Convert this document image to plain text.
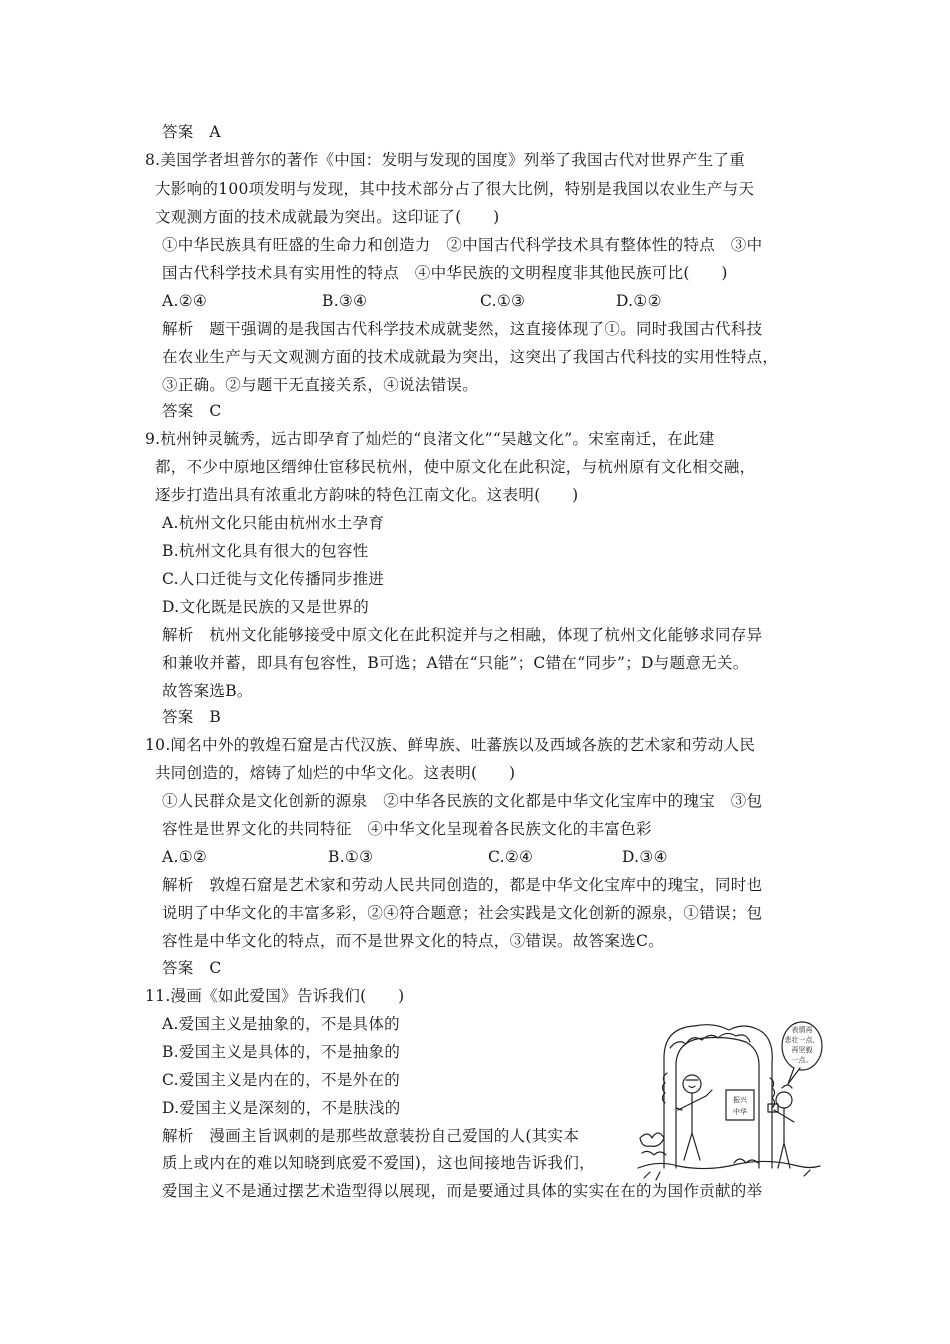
答案　A
8.美国学者坦普尔的著作《中国：发明与发现的国度》列举了我国古代对世界产生了重
大影响的100项发明与发现，其中技术部分占了很大比例，特别是我国以农业生产与天
文观测方面的技术成就最为突出。这印证了(　　)
①中华民族具有旺盛的生命力和创造力　②中国古代科学技术具有整体性的特点　③中
国古代科学技术具有实用性的特点　④中华民族的文明程度非其他民族可比(　　)
A.②④	B.③④	C.①③	D.①②
解析　题干强调的是我国古代科学技术成就斐然，这直接体现了①。同时我国古代科技
在农业生产与天文观测方面的技术成就最为突出，这突出了我国古代科技的实用性特点，
③正确。②与题干无直接关系，④说法错误。
答案　C
9.杭州钟灵毓秀，远古即孕育了灿烂的“良渚文化”“吴越文化”。宋室南迁，在此建
都，不少中原地区缙绅仕宦移民杭州，使中原文化在此积淀，与杭州原有文化相交融，
逐步打造出具有浓重北方韵味的特色江南文化。这表明(　　)
A.杭州文化只能由杭州水土孕育
B.杭州文化具有很大的包容性
C.人口迁徙与文化传播同步推进
D.文化既是民族的又是世界的
解析　杭州文化能够接受中原文化在此积淀并与之相融，体现了杭州文化能够求同存异
和兼收并蓄，即具有包容性，B可选；A错在“只能”；C错在“同步”；D与题意无关。
故答案选B。
答案　B
10.闻名中外的敦煌石窟是古代汉族、鲜卑族、吐蕃族以及西域各族的艺术家和劳动人民
共同创造的，熔铸了灿烂的中华文化。这表明(　　)
①人民群众是文化创新的源泉　②中华各民族的文化都是中华文化宝库中的瑰宝　③包
容性是世界文化的共同特征　④中华文化呈现着各民族文化的丰富色彩
A.①②	B.①③	C.②④	D.③④
解析　敦煌石窟是艺术家和劳动人民共同创造的，都是中华文化宝库中的瑰宝，同时也
说明了中华文化的丰富多彩，②④符合题意；社会实践是文化创新的源泉，①错误；包
容性是中华文化的特点，而不是世界文化的特点，③错误。故答案选C。
答案　C
11.漫画《如此爱国》告诉我们(　　)
A.爱国主义是抽象的，不是具体的
B.爱国主义是具体的，不是抽象的
C.爱国主义是内在的，不是外在的
D.爱国主义是深刻的，不是肤浅的
解析　漫画主旨讽刺的是那些故意装扮自己爱国的人(其实本
质上或内在的难以知晓到底爱不爱国)，这也间接地告诉我们，
爱国主义不是通过摆艺术造型得以展现，而是要通过具体的实实在在的为国作贡献的举
表情再
悲壮一点，
再坚毅
一点。
振兴
中华
